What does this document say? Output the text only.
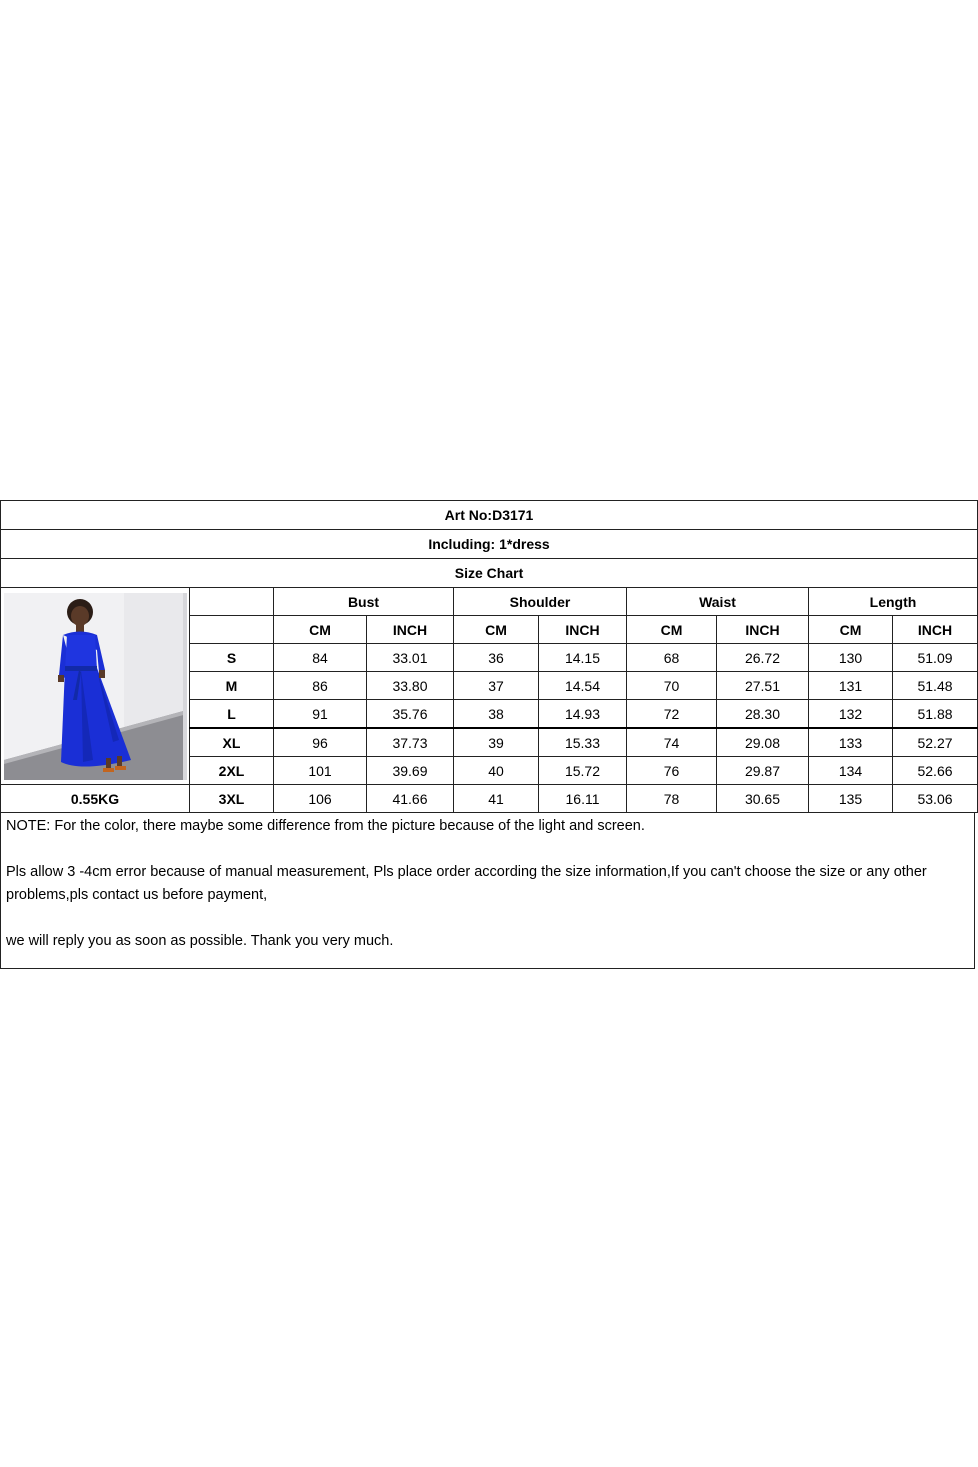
Art No:D3171									
Including: 1*dress									
Size Chart									

		Bust		Shoulder		Waist		Length	
		CM	INCH	CM	INCH	CM	INCH	CM	INCH
	S	84	33.01	36	14.15	68	26.72	130	51.09
	M	86	33.80	37	14.54	70	27.51	131	51.48
	L	91	35.76	38	14.93	72	28.30	132	51.88
	XL	96	37.73	39	15.33	74	29.08	133	52.27
	2XL	101	39.69	40	15.72	76	29.87	134	52.66
0.55KG	3XL	106	41.66	41	16.11	78	30.65	135	53.06

NOTE: For the color, there maybe some difference from the picture because of the light and screen.

Pls allow 3 -4cm error because of manual measurement, Pls place order according the size information,If you can't choose the size or any other problems,pls contact us before payment,

we will reply you as soon as possible. Thank you very much.
